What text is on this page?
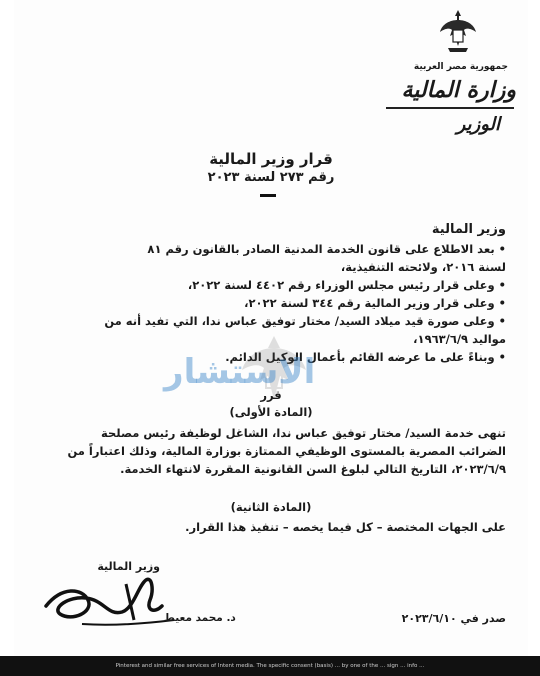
جمهورية مصر العربية
وزارة المالية
الوزير
قرار وزير المالية
رقم ٢٧٣ لسنة ٢٠٢٣
وزير المالية
• بعد الاطلاع على قانون الخدمة المدنية الصادر بالقانون رقم ٨١
لسنة ٢٠١٦، ولائحته التنفيذية،
• وعلى قرار رئيس مجلس الوزراء رقم ٤٤٠٢ لسنة ٢٠٢٢،
• وعلى قرار وزير المالية رقم ٣٤٤ لسنة ٢٠٢٢،
• وعلى صورة قيد ميلاد السيد/ مختار توفيق عباس ندا، التي تفيد أنه من
مواليد ١٩٦٣/٦/٩،
• وبناءً على ما عرضه القائم بأعمال الوكيل الدائم.
الاستشار
قرر
(المادة الأولى)
تنهى خدمة السيد/ مختار توفيق عباس ندا، الشاغل لوظيفة رئيس مصلحة
الضرائب المصرية بالمستوى الوظيفي الممتازة بوزارة المالية، وذلك اعتباراً من
٢٠٢٣/٦/٩، التاريخ التالي لبلوغ السن القانونية المقررة لانتهاء الخدمة.
(المادة الثانية)
على الجهات المختصة – كل فيما يخصه – تنفيذ هذا القرار.
وزير المالية
د. محمد معيط	صدر في ٢٠٢٣/٦/١٠
Pinterest and similar free services of Intent media. The specific consent (basis) ... by one of the ... sign ... info ...
